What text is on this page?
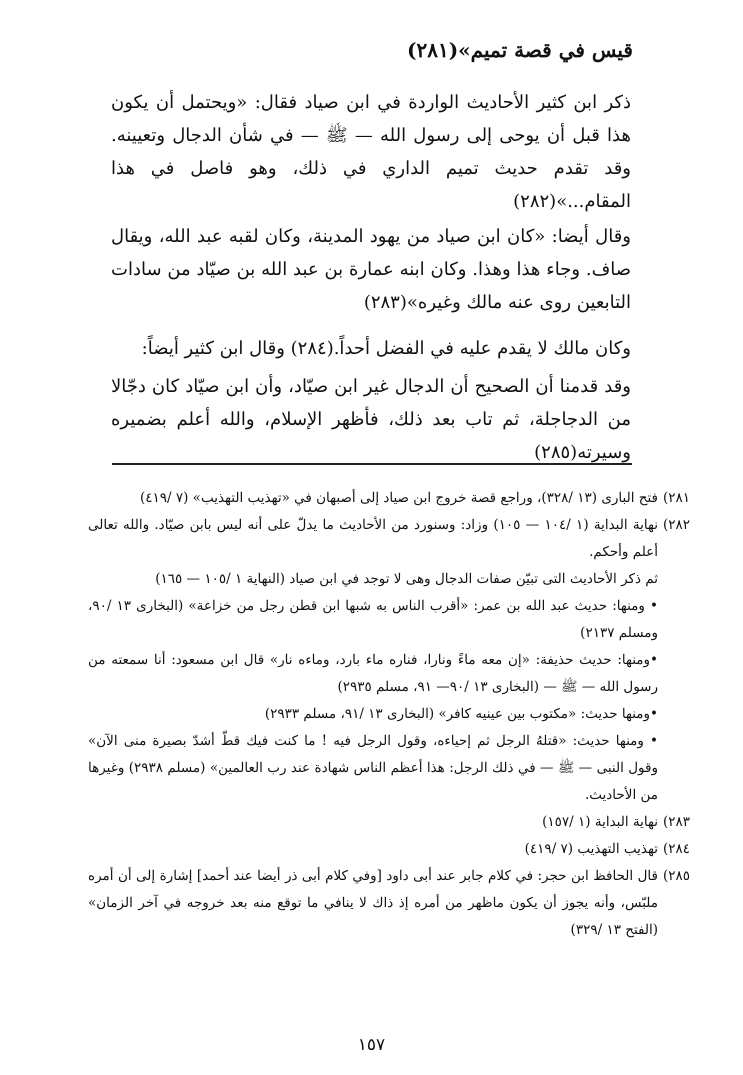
قيس في قصة تميم»(٢٨١)
ذكر ابن كثير الأحاديث الواردة في ابن صياد فقال: «ويحتمل أن يكون هذا قبل أن يوحى إلى رسول الله — ﷺ — في شأن الدجال وتعيينه. وقد تقدم حديث تميم الداري في ذلك، وهو فاصل في هذا المقام...»(٢٨٢)
وقال أيضا: «كان ابن صياد من يهود المدينة، وكان لقبه عبد الله، ويقال صاف. وجاء هذا وهذا. وكان ابنه عمارة بن عبد الله بن صيّاد من سادات التابعين روى عنه مالك وغيره»(٢٨٣)
وكان مالك لا يقدم عليه في الفضل أحداً.(٢٨٤) وقال ابن كثير أيضاً:
وقد قدمنا أن الصحيح أن الدجال غير ابن صيّاد، وأن ابن صيّاد كان دجّالا من الدجاجلة، ثم تاب بعد ذلك، فأظهر الإسلام، والله أعلم بضميره وسيرته(٢٨٥)
٢٨١)
فتح البارى (١٣ /٣٢٨)، وراجع قصة خروج ابن صياد إلى أصبهان في «تهذيب التهذيب» (٧ /٤١٩)
٢٨٢)
نهاية البداية (١ /١٠٤ — ١٠٥) وزاد: وسنورد من الأحاديث ما يدلّ على أنه ليس بابن صيّاد. والله تعالى أعلم وأحكم.
ثم ذكر الأحاديث التى تبيّن صفات الدجال وهى لا توجد في ابن صياد (النهاية ١ /١٠٥ — ١٦٥)
• ومنها: حديث عبد الله بن عمر: «أقرب الناس به شبها ابن قطن رجل من خزاعة» (البخارى ١٣ /٩٠، ومسلم ٢١٣٧)
•ومنها: حديث حذيفة: «إن معه ماءً ونارا، فناره ماء بارد، وماءه نار» قال ابن مسعود: أنا سمعته من رسول الله — ﷺ — (البخارى ١٣ /٩٠— ٩١، مسلم ٢٩٣٥)
•ومنها حديث: «مكتوب بين عينيه كافر» (البخارى ١٣ /٩١، مسلم ٢٩٣٣)
• ومنها حديث: «قتلهُ الرجل ثم إحياءه، وقول الرجل فيه ! ما كنت فيك قطّ أشدّ بصيرة منى الآن» وقول النبى — ﷺ — في ذلك الرجل: هذا أعظم الناس شهادة عند رب العالمين» (مسلم ٢٩٣٨) وغيرها من الأحاديث.
٢٨٣)
نهاية البداية (١ /١٥٧)
٢٨٤)
تهذيب التهذيب (٧ /٤١٩)
٢٨٥)
قال الحافظ ابن حجر: في كلام جابر عند أبى داود [وفي كلام أبى ذر أيضا عند أحمد] إشارة إلى أن أمره ملبّس، وأنه يجوز أن يكون ماظهر من أمره إذ ذاك لا ينافي ما توقع منه بعد خروجه في آخر الزمان» (الفتح ١٣ /٣٢٩)
١٥٧
